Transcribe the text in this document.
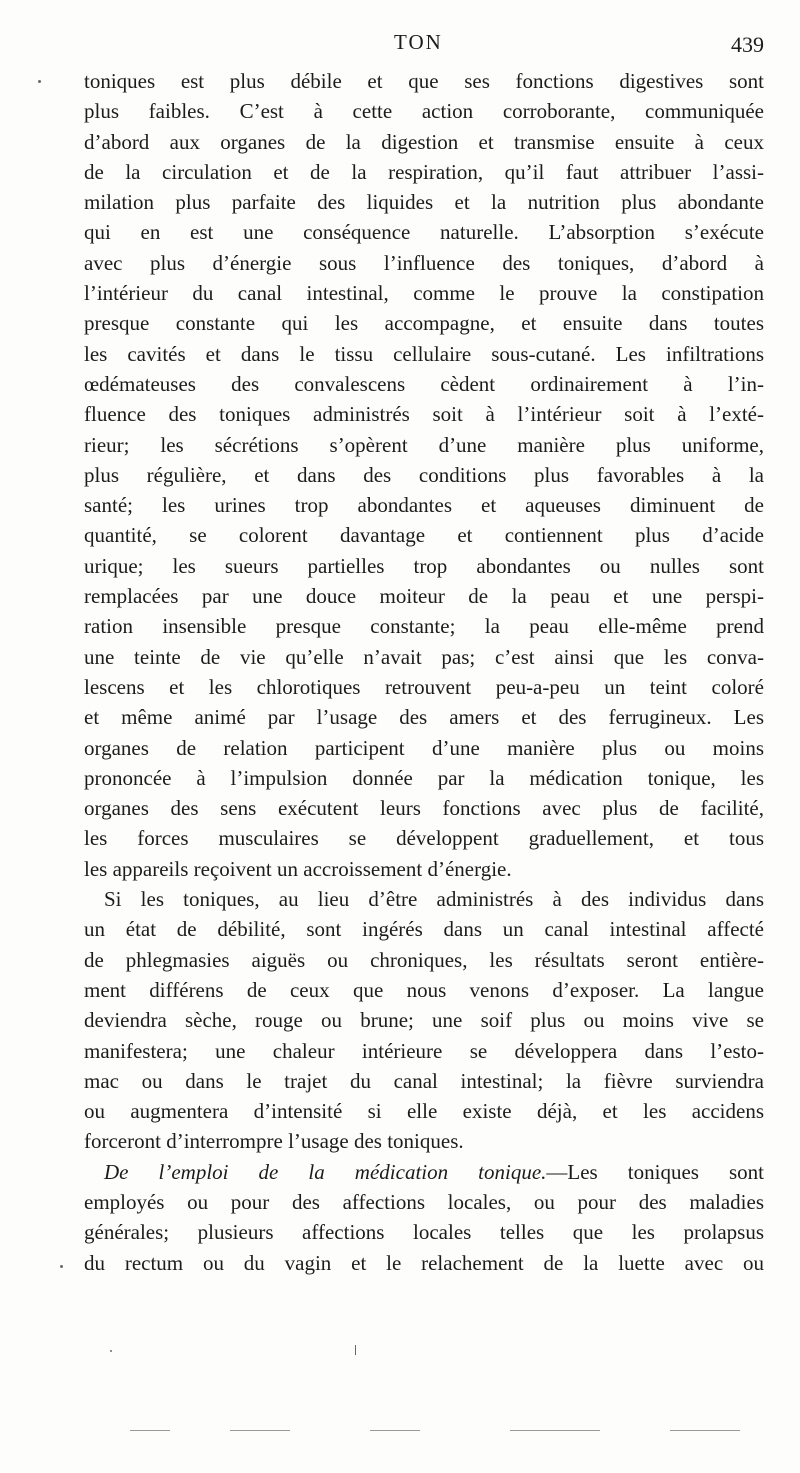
TON	439
toniques est plus débile et que ses fonctions digestives sont
plus faibles. C’est à cette action corroborante, communiquée
d’abord aux organes de la digestion et transmise ensuite à ceux
de la circulation et de la respiration, qu’il faut attribuer l’assi-
milation plus parfaite des liquides et la nutrition plus abondante
qui en est une conséquence naturelle. L’absorption s’exécute
avec plus d’énergie sous l’influence des toniques, d’abord à
l’intérieur du canal intestinal, comme le prouve la constipation
presque constante qui les accompagne, et ensuite dans toutes
les cavités et dans le tissu cellulaire sous-cutané. Les infiltrations
œdémateuses des convalescens cèdent ordinairement à l’in-
fluence des toniques administrés soit à l’intérieur soit à l’exté-
rieur; les sécrétions s’opèrent d’une manière plus uniforme,
plus régulière, et dans des conditions plus favorables à la
santé; les urines trop abondantes et aqueuses diminuent de
quantité, se colorent davantage et contiennent plus d’acide
urique; les sueurs partielles trop abondantes ou nulles sont
remplacées par une douce moiteur de la peau et une perspi-
ration insensible presque constante; la peau elle-même prend
une teinte de vie qu’elle n’avait pas; c’est ainsi que les conva-
lescens et les chlorotiques retrouvent peu-a-peu un teint coloré
et même animé par l’usage des amers et des ferrugineux. Les
organes de relation participent d’une manière plus ou moins
prononcée à l’impulsion donnée par la médication tonique, les
organes des sens exécutent leurs fonctions avec plus de facilité,
les forces musculaires se développent graduellement, et tous
les appareils reçoivent un accroissement d’énergie.
Si les toniques, au lieu d’être administrés à des individus dans
un état de débilité, sont ingérés dans un canal intestinal affecté
de phlegmasies aiguës ou chroniques, les résultats seront entière-
ment différens de ceux que nous venons d’exposer. La langue
deviendra sèche, rouge ou brune; une soif plus ou moins vive se
manifestera; une chaleur intérieure se développera dans l’esto-
mac ou dans le trajet du canal intestinal; la fièvre surviendra
ou augmentera d’intensité si elle existe déjà, et les accidens
forceront d’interrompre l’usage des toniques.
De l’emploi de la médication tonique.—Les toniques sont
employés ou pour des affections locales, ou pour des maladies
générales; plusieurs affections locales telles que les prolapsus
du rectum ou du vagin et le relachement de la luette avec ou
